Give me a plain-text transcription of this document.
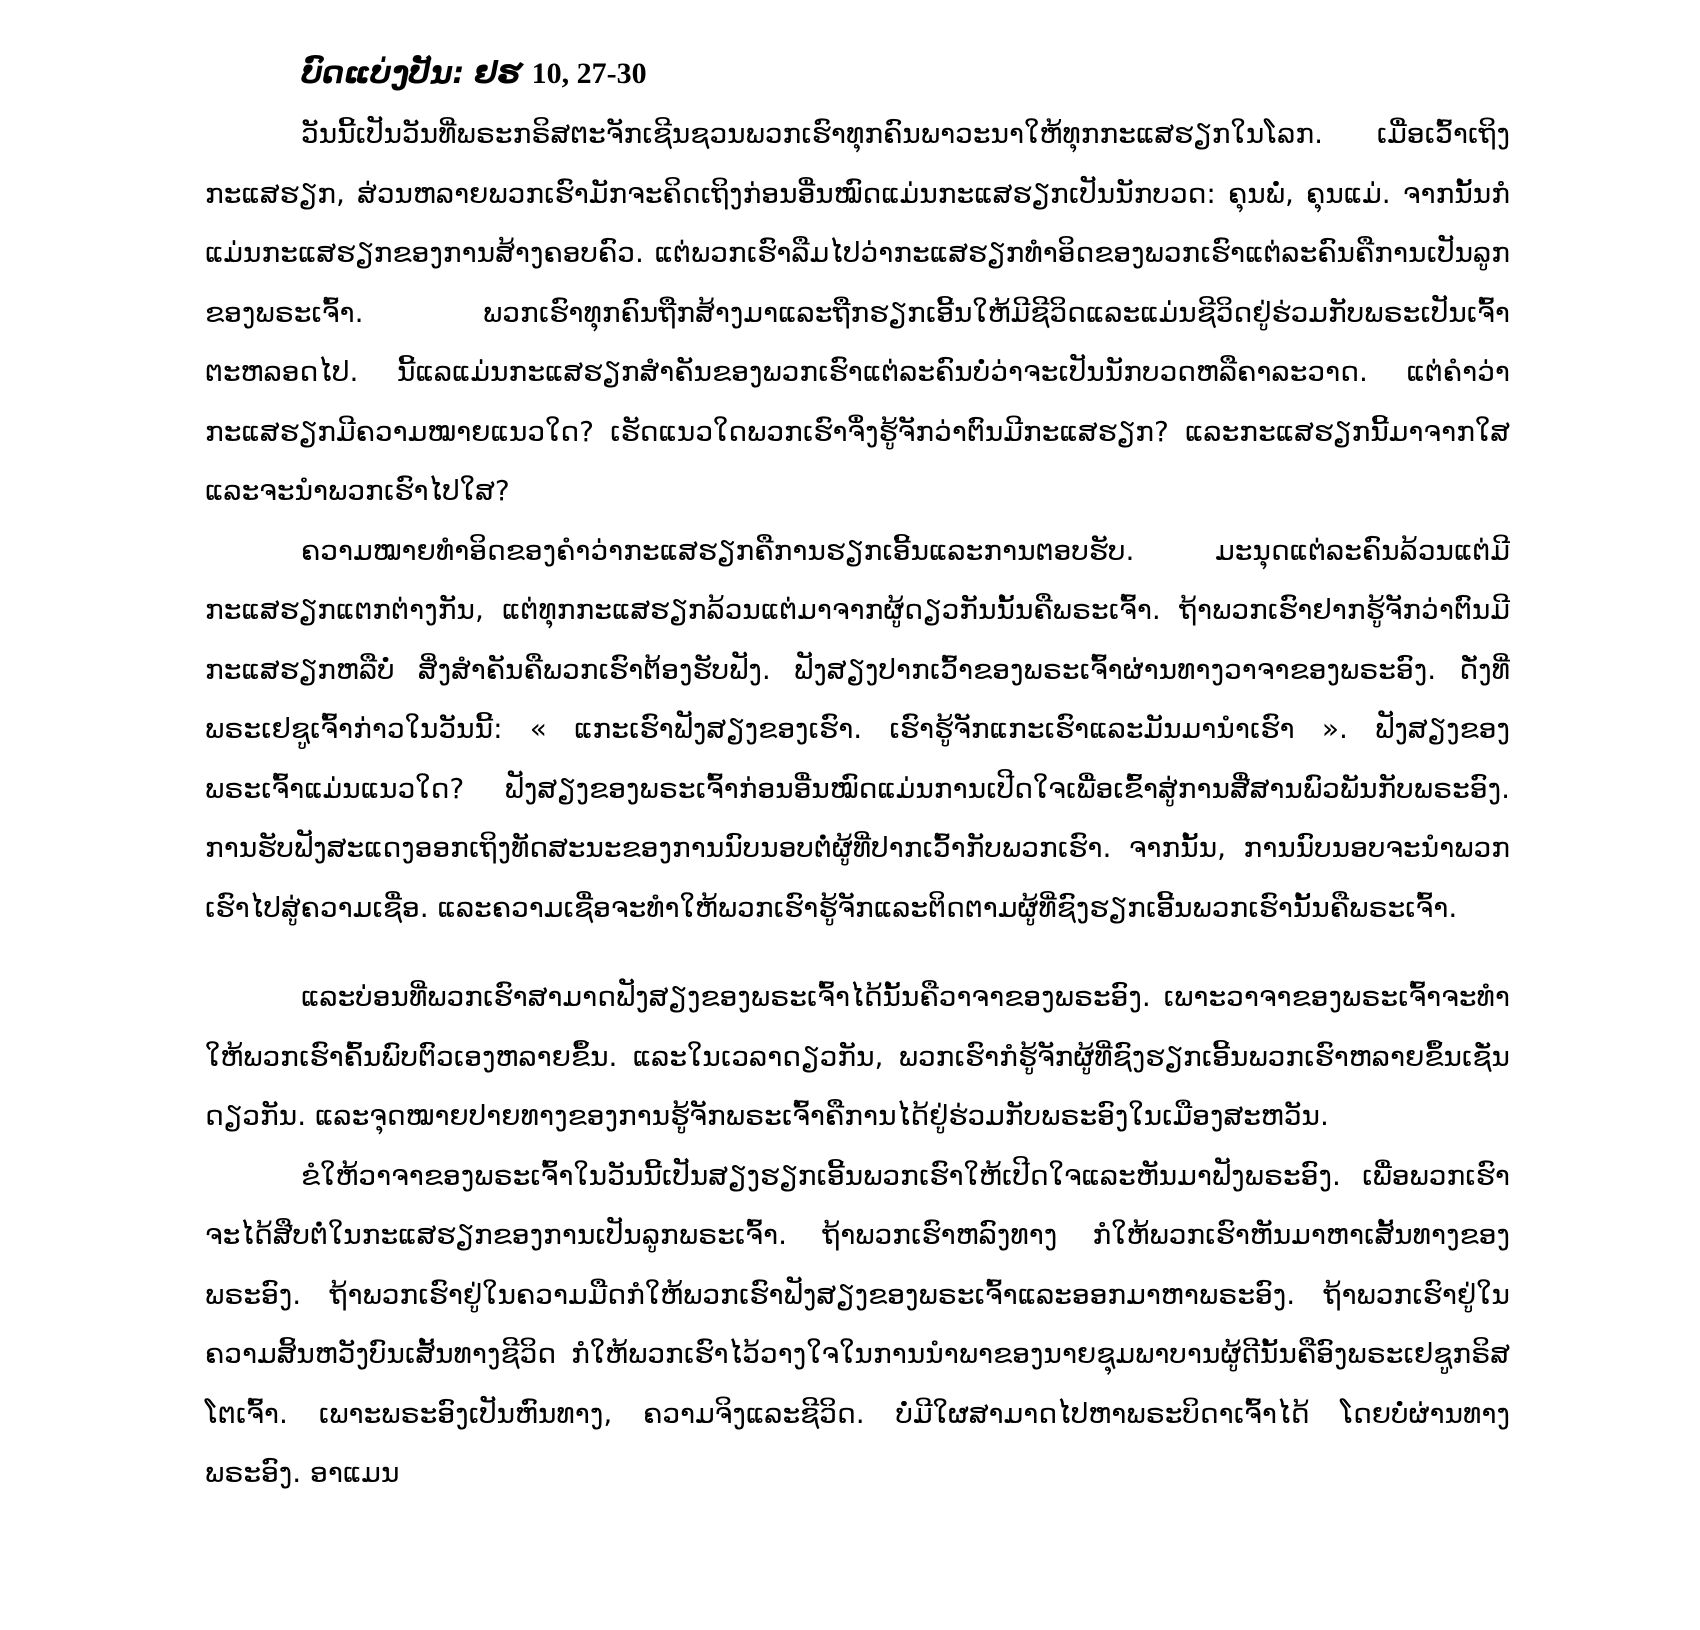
ບົດແບ່ງປັນ: ຢຮ 10, 27-30

ວັນນີ້ເປັນວັນທີ່ພຣະກຣິສຕະຈັກເຊີນຊວນພວກເຮົາທຸກຄົນພາວະນາໃຫ້ທຸກກະແສຮຽກໃນໂລກ. ເມື່ອເວົ້າເຖິງກະແສຮຽກ, ສ່ວນຫລາຍພວກເຮົາມັກຈະຄິດເຖິງກ່ອນອື່ນໝົດແມ່ນກະແສຮຽກເປັນນັກບວດ: ຄຸນພໍ່, ຄຸນແມ່. ຈາກນັ້ນກໍແມ່ນກະແສຮຽກຂອງການສ້າງຄອບຄົວ. ແຕ່ພວກເຮົາລືມໄປວ່າກະແສຮຽກທໍາອິດຂອງພວກເຮົາແຕ່ລະຄົນຄືການເປັນລູກຂອງພຣະເຈົ້າ. ພວກເຮົາທຸກຄົນຖືກສ້າງມາແລະຖືກຮຽກເອີ້ນໃຫ້ມີຊີວິດແລະແມ່ນຊີວິດຢູ່ຮ່ວມກັບພຣະເປັນເຈົ້າຕະຫລອດໄປ. ນີ້ແລແມ່ນກະແສຮຽກສຳຄັນຂອງພວກເຮົາແຕ່ລະຄົນບໍ່ວ່າຈະເປັນນັກບວດຫລືຄາລະວາດ. ແຕ່ຄໍາວ່າກະແສຮຽກມີຄວາມໝາຍແນວໃດ? ເຮັດແນວໃດພວກເຮົາຈຶ່ງຮູ້ຈັກວ່າຕົນມີກະແສຮຽກ? ແລະກະແສຮຽກນີ້ມາຈາກໃສແລະຈະນໍາພວກເຮົາໄປໃສ?

ຄວາມໝາຍທໍາອິດຂອງຄໍາວ່າກະແສຮຽກຄືການຮຽກເອີ້ນແລະການຕອບຮັບ. ມະນຸດແຕ່ລະຄົນລ້ວນແຕ່ມີກະແສຮຽກແຕກຕ່າງກັນ, ແຕ່ທຸກກະແສຮຽກລ້ວນແຕ່ມາຈາກຜູ້ດຽວກັນນັ້ນຄືພຣະເຈົ້າ. ຖ້າພວກເຮົາຢາກຮູ້ຈັກວ່າຕົນມີກະແສຮຽກຫລືບໍ່ ສິ່ງສຳຄັນຄືພວກເຮົາຕ້ອງຮັບຟັງ. ຟັງສຽງປາກເວົ້າຂອງພຣະເຈົ້າຜ່ານທາງວາຈາຂອງພຣະອົງ. ດັ່ງທີ່ພຣະເຢຊູເຈົ້າກ່າວໃນວັນນີ້: « ແກະເຮົາຟັງສຽງຂອງເຮົາ. ເຮົາຮູ້ຈັກແກະເຮົາແລະມັນມານໍາເຮົາ ». ຟັງສຽງຂອງພຣະເຈົ້າແມ່ນແນວໃດ? ຟັງສຽງຂອງພຣະເຈົ້າກ່ອນອື່ນໝົດແມ່ນການເປີດໃຈເພື່ອເຂົ້າສູ່ການສື່ສານພົວພັນກັບພຣະອົງ. ການຮັບຟັງສະແດງອອກເຖິງທັດສະນະຂອງການນົບນອບຕໍ່ຜູ້ທີ່ປາກເວົ້າກັບພວກເຮົາ. ຈາກນັ້ນ, ການນົບນອບຈະນໍາພວກເຮົາໄປສູ່ຄວາມເຊື່ອ. ແລະຄວາມເຊື່ອຈະທໍາໃຫ້ພວກເຮົາຮູ້ຈັກແລະຕິດຕາມຜູ້ທີ່ຊົງຮຽກເອີ້ນພວກເຮົານັ້ນຄືພຣະເຈົ້າ.

ແລະບ່ອນທີ່ພວກເຮົາສາມາດຟັງສຽງຂອງພຣະເຈົ້າໄດ້ນັ້ນຄືວາຈາຂອງພຣະອົງ. ເພາະວາຈາຂອງພຣະເຈົ້າຈະທໍາໃຫ້ພວກເຮົາຄົ້ນພົບຕົວເອງຫລາຍຂຶ້ນ. ແລະໃນເວລາດຽວກັນ, ພວກເຮົາກໍຮູ້ຈັກຜູ້ທີ່ຊົງຮຽກເອີ້ນພວກເຮົາຫລາຍຂຶ້ນເຊັ່ນດຽວກັນ. ແລະຈຸດໝາຍປາຍທາງຂອງການຮູ້ຈັກພຣະເຈົ້າຄືການໄດ້ຢູ່ຮ່ວມກັບພຣະອົງໃນເມືອງສະຫວັນ.

ຂໍໃຫ້ວາຈາຂອງພຣະເຈົ້າໃນວັນນີ້ເປັນສຽງຮຽກເອີ້ນພວກເຮົາໃຫ້ເປີດໃຈແລະຫັນມາຟັງພຣະອົງ. ເພື່ອພວກເຮົາຈະໄດ້ສືບຕໍ່ໃນກະແສຮຽກຂອງການເປັນລູກພຣະເຈົ້າ. ຖ້າພວກເຮົາຫລົງທາງ ກໍໃຫ້ພວກເຮົາຫັນມາຫາເສັ້ນທາງຂອງພຣະອົງ. ຖ້າພວກເຮົາຢູ່ໃນຄວາມມືດກໍໃຫ້ພວກເຮົາຟັງສຽງຂອງພຣະເຈົ້າແລະອອກມາຫາພຣະອົງ. ຖ້າພວກເຮົາຢູ່ໃນຄວາມສິ້ນຫວັງບົນເສັ້ນທາງຊີວິດ ກໍໃຫ້ພວກເຮົາໄວ້ວາງໃຈໃນການນໍາພາຂອງນາຍຊຸມພາບານຜູ້ດີນັ້ນຄືອົງພຣະເຢຊູກຣິສໂຕເຈົ້າ. ເພາະພຣະອົງເປັນຫົນທາງ, ຄວາມຈິງແລະຊີວິດ. ບໍ່ມີໃຜສາມາດໄປຫາພຣະບິດາເຈົ້າໄດ້ ໂດຍບໍ່ຜ່ານທາງພຣະອົງ. ອາແມນ
